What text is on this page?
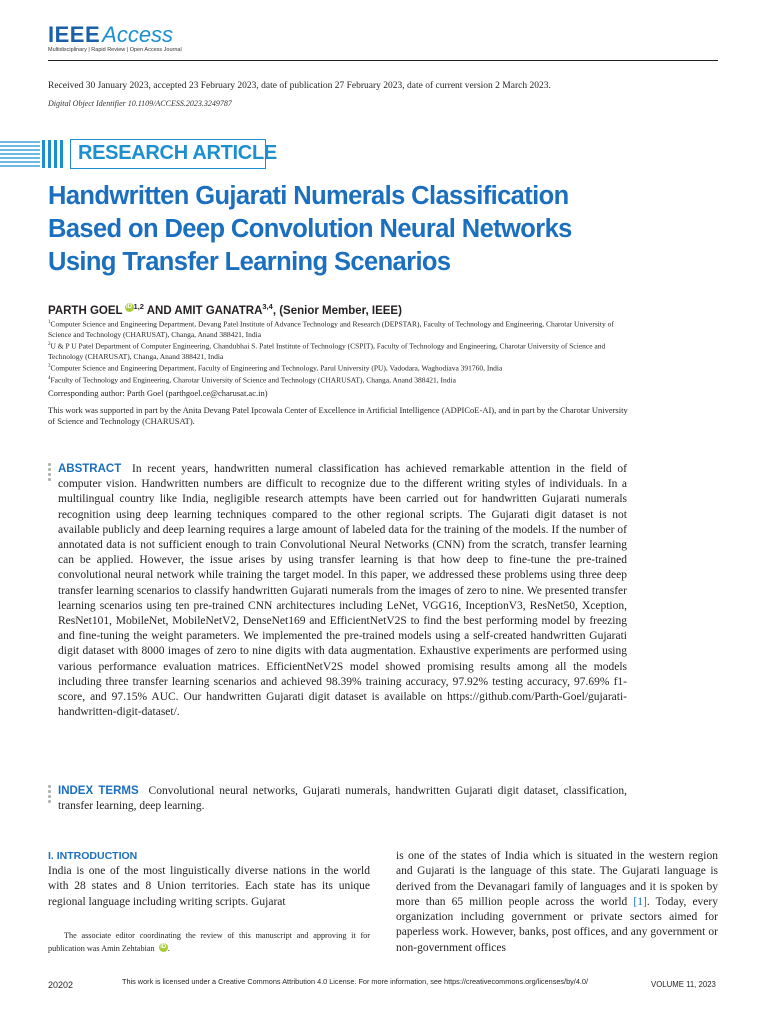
IEEEAccess
Multidisciplinary | Rapid Review | Open Access Journal
Received 30 January 2023, accepted 23 February 2023, date of publication 27 February 2023, date of current version 2 March 2023.
Digital Object Identifier 10.1109/ACCESS.2023.3249787
RESEARCH ARTICLE
Handwritten Gujarati Numerals Classification
Based on Deep Convolution Neural Networks
Using Transfer Learning Scenarios
PARTH GOEL iD $^{1,2}$ AND AMIT GANATRA$^{3,4}$, (Senior Member, IEEE)
$^1$Computer Science and Engineering Department, Devang Patel Institute of Advance Technology and Research (DEPSTAR), Faculty of Technology and Engineering, Charotar University of Science and Technology (CHARUSAT), Changa, Anand 388421, India
$^2$U & P U Patel Department of Computer Engineering, Chandubhai S. Patel Institute of Technology (CSPIT), Faculty of Technology and Engineering, Charotar University of Science and Technology (CHARUSAT), Changa, Anand 388421, India
$^3$Computer Science and Engineering Department, Faculty of Engineering and Technology, Parul University (PU), Vadodara, Waghodiava 391760, India
$^4$Faculty of Technology and Engineering, Charotar University of Science and Technology (CHARUSAT), Changa, Anand 388421, India
Corresponding author: Parth Goel (parthgoel.ce@charusat.ac.in)
This work was supported in part by the Anita Devang Patel Ipcowala Center of Excellence in Artificial Intelligence (ADPICoE-AI), and in part by the Charotar University of Science and Technology (CHARUSAT).
ABSTRACT In recent years, handwritten numeral classification has achieved remarkable attention in the field of computer vision. Handwritten numbers are difficult to recognize due to the different writing styles of individuals. In a multilingual country like India, negligible research attempts have been carried out for handwritten Gujarati numerals recognition using deep learning techniques compared to the other regional scripts. The Gujarati digit dataset is not available publicly and deep learning requires a large amount of labeled data for the training of the models. If the number of annotated data is not sufficient enough to train Convolutional Neural Networks (CNN) from the scratch, transfer learning can be applied. However, the issue arises by using transfer learning is that how deep to fine-tune the pre-trained convolutional neural network while training the target model. In this paper, we addressed these problems using three deep transfer learning scenarios to classify handwritten Gujarati numerals from the images of zero to nine. We presented transfer learning scenarios using ten pre-trained CNN architectures including LeNet, VGG16, InceptionV3, ResNet50, Xception, ResNet101, MobileNet, MobileNetV2, DenseNet169 and EfficientNetV2S to find the best performing model by freezing and fine-tuning the weight parameters. We implemented the pre-trained models using a self-created handwritten Gujarati digit dataset with 8000 images of zero to nine digits with data augmentation. Exhaustive experiments are performed using various performance evaluation matrices. EfficientNetV2S model showed promising results among all the models including three transfer learning scenarios and achieved 98.39% training accuracy, 97.92% testing accuracy, 97.69% f1-score, and 97.15% AUC. Our handwritten Gujarati digit dataset is available on https://github.com/Parth-Goel/gujarati-handwritten-digit-dataset/.
INDEX TERMS Convolutional neural networks, Gujarati numerals, handwritten Gujarati digit dataset, classification, transfer learning, deep learning.
I. INTRODUCTION
India is one of the most linguistically diverse nations in the world with 28 states and 8 Union territories. Each state has its unique regional language including writing scripts. Gujarat
The associate editor coordinating the review of this manuscript and approving it for publication was Amin Zehtabian iD .
is one of the states of India which is situated in the western region and Gujarati is the language of this state. The Gujarati language is derived from the Devanagari family of languages and it is spoken by more than 65 million people across the world [1]. Today, every organization including government or private sectors aimed for paperless work. However, banks, post offices, and any government or non-government offices
20202	This work is licensed under a Creative Commons Attribution 4.0 License. For more information, see https://creativecommons.org/licenses/by/4.0/	VOLUME 11, 2023
